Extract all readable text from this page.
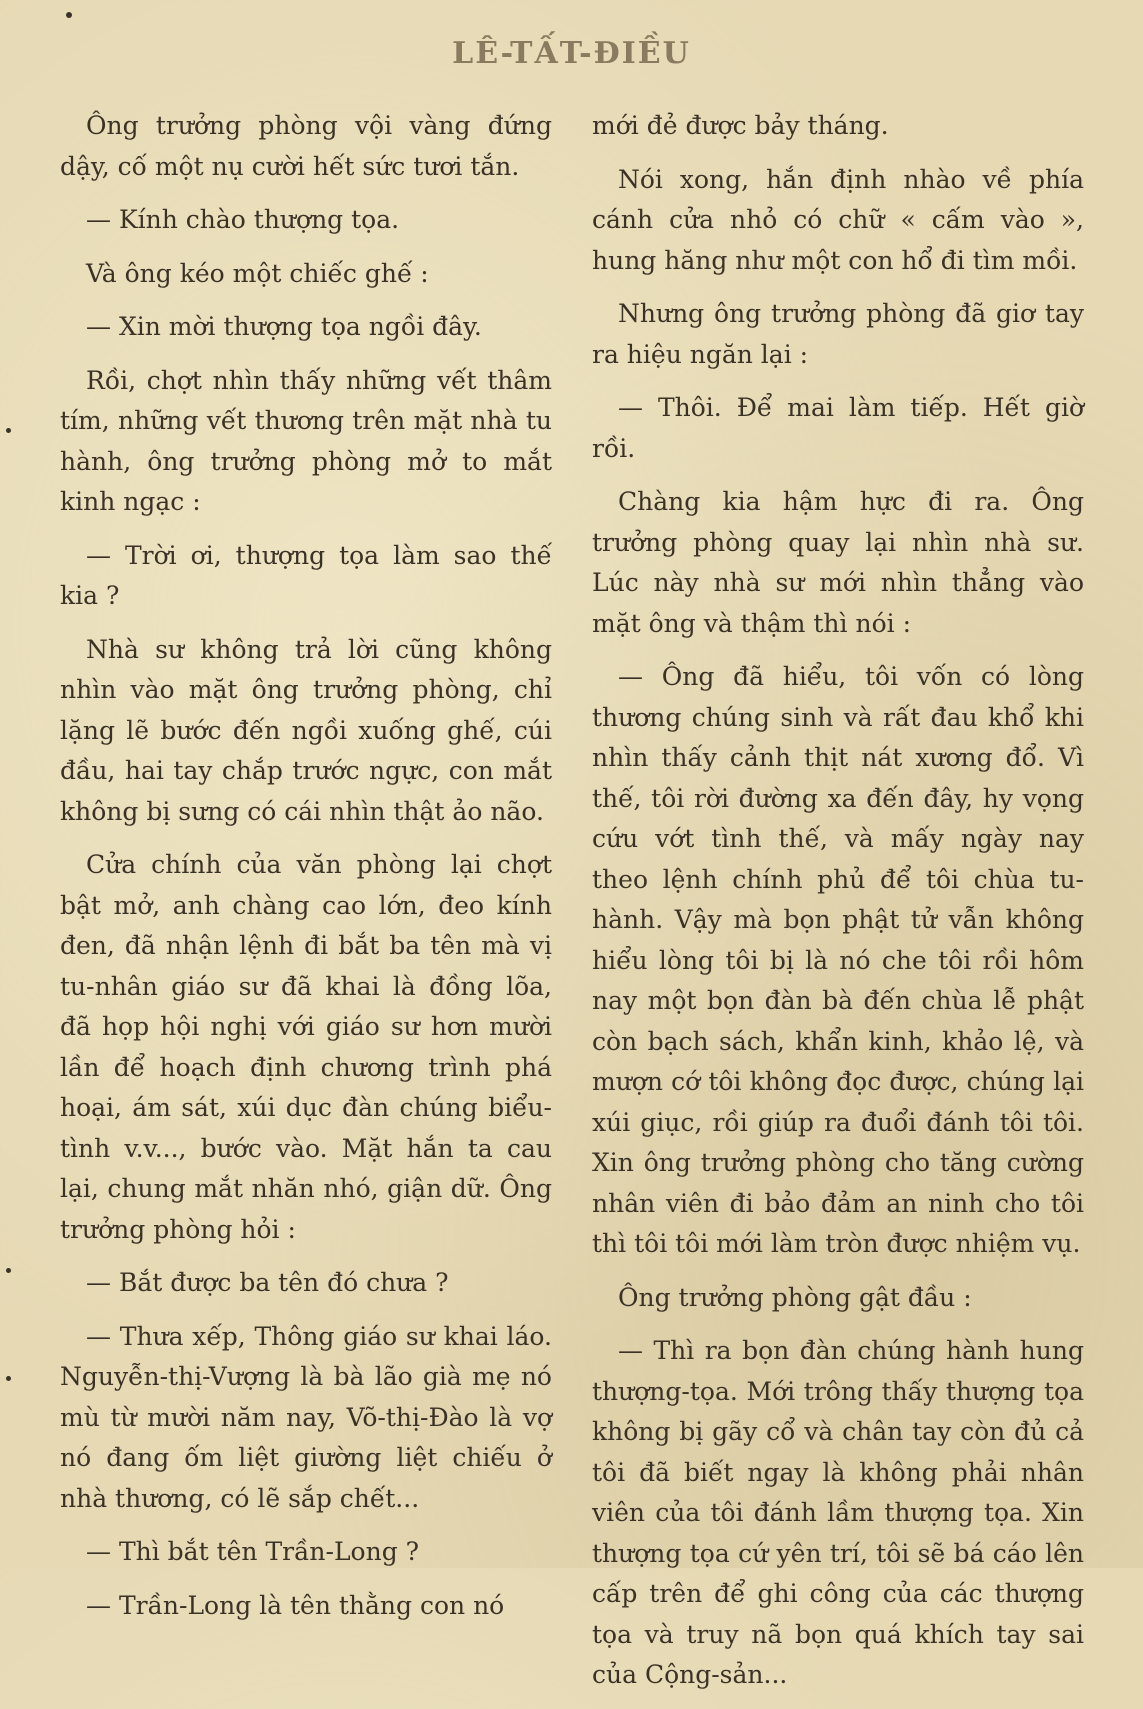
LÊ-TẤT-ĐIỀU

Ông trưởng phòng vội vàng đứng dậy, cố một nụ cười hết sức tươi tắn.

— Kính chào thượng tọa.

Và ông kéo một chiếc ghế :

— Xin mời thượng tọa ngồi đây.

Rồi, chợt nhìn thấy những vết thâm tím, những vết thương trên mặt nhà tu hành, ông trưởng phòng mở to mắt kinh ngạc :

— Trời ơi, thượng tọa làm sao thế kia ?

Nhà sư không trả lời cũng không nhìn vào mặt ông trưởng phòng, chỉ lặng lẽ bước đến ngồi xuống ghế, cúi đầu, hai tay chắp trước ngực, con mắt không bị sưng có cái nhìn thật ảo não.

Cửa chính của văn phòng lại chợt bật mở, anh chàng cao lớn, đeo kính đen, đã nhận lệnh đi bắt ba tên mà vị tu-nhân giáo sư đã khai là đồng lõa, đã họp hội nghị với giáo sư hơn mười lần để hoạch định chương trình phá hoại, ám sát, xúi dục đàn chúng biểu-tình v.v..., bước vào. Mặt hắn ta cau lại, chung mắt nhăn nhó, giận dữ. Ông trưởng phòng hỏi :

— Bắt được ba tên đó chưa ?

— Thưa xếp, Thông giáo sư khai láo. Nguyễn-thị-Vượng là bà lão già mẹ nó mù từ mười năm nay, Võ-thị-Đào là vợ nó đang ốm liệt giường liệt chiếu ở nhà thương, có lẽ sắp chết...

— Thì bắt tên Trần-Long ?

— Trần-Long là tên thằng con nó

mới đẻ được bảy tháng.

Nói xong, hắn định nhào về phía cánh cửa nhỏ có chữ « cấm vào », hung hăng như một con hổ đi tìm mồi.

Nhưng ông trưởng phòng đã giơ tay ra hiệu ngăn lại :

— Thôi. Để mai làm tiếp. Hết giờ rồi.

Chàng kia hậm hực đi ra. Ông trưởng phòng quay lại nhìn nhà sư. Lúc này nhà sư mới nhìn thẳng vào mặt ông và thậm thì nói :

— Ông đã hiểu, tôi vốn có lòng thương chúng sinh và rất đau khổ khi nhìn thấy cảnh thịt nát xương đổ. Vì thế, tôi rời đường xa đến đây, hy vọng cứu vớt tình thế, và mấy ngày nay theo lệnh chính phủ để tôi chùa tu-hành. Vậy mà bọn phật tử vẫn không hiểu lòng tôi bị là nó che tôi rồi hôm nay một bọn đàn bà đến chùa lễ phật còn bạch sách, khẩn kinh, khảo lệ, và mượn cớ tôi không đọc được, chúng lại xúi giục, rồi giúp ra đuổi đánh tôi tôi. Xin ông trưởng phòng cho tăng cường nhân viên đi bảo đảm an ninh cho tôi thì tôi tôi mới làm tròn được nhiệm vụ.

Ông trưởng phòng gật đầu :

— Thì ra bọn đàn chúng hành hung thượng-tọa. Mới trông thấy thượng tọa không bị gãy cổ và chân tay còn đủ cả tôi đã biết ngay là không phải nhân viên của tôi đánh lầm thượng tọa. Xin thượng tọa cứ yên trí, tôi sẽ bá cáo lên cấp trên để ghi công của các thượng tọa và truy nã bọn quá khích tay sai của Cộng-sản...
